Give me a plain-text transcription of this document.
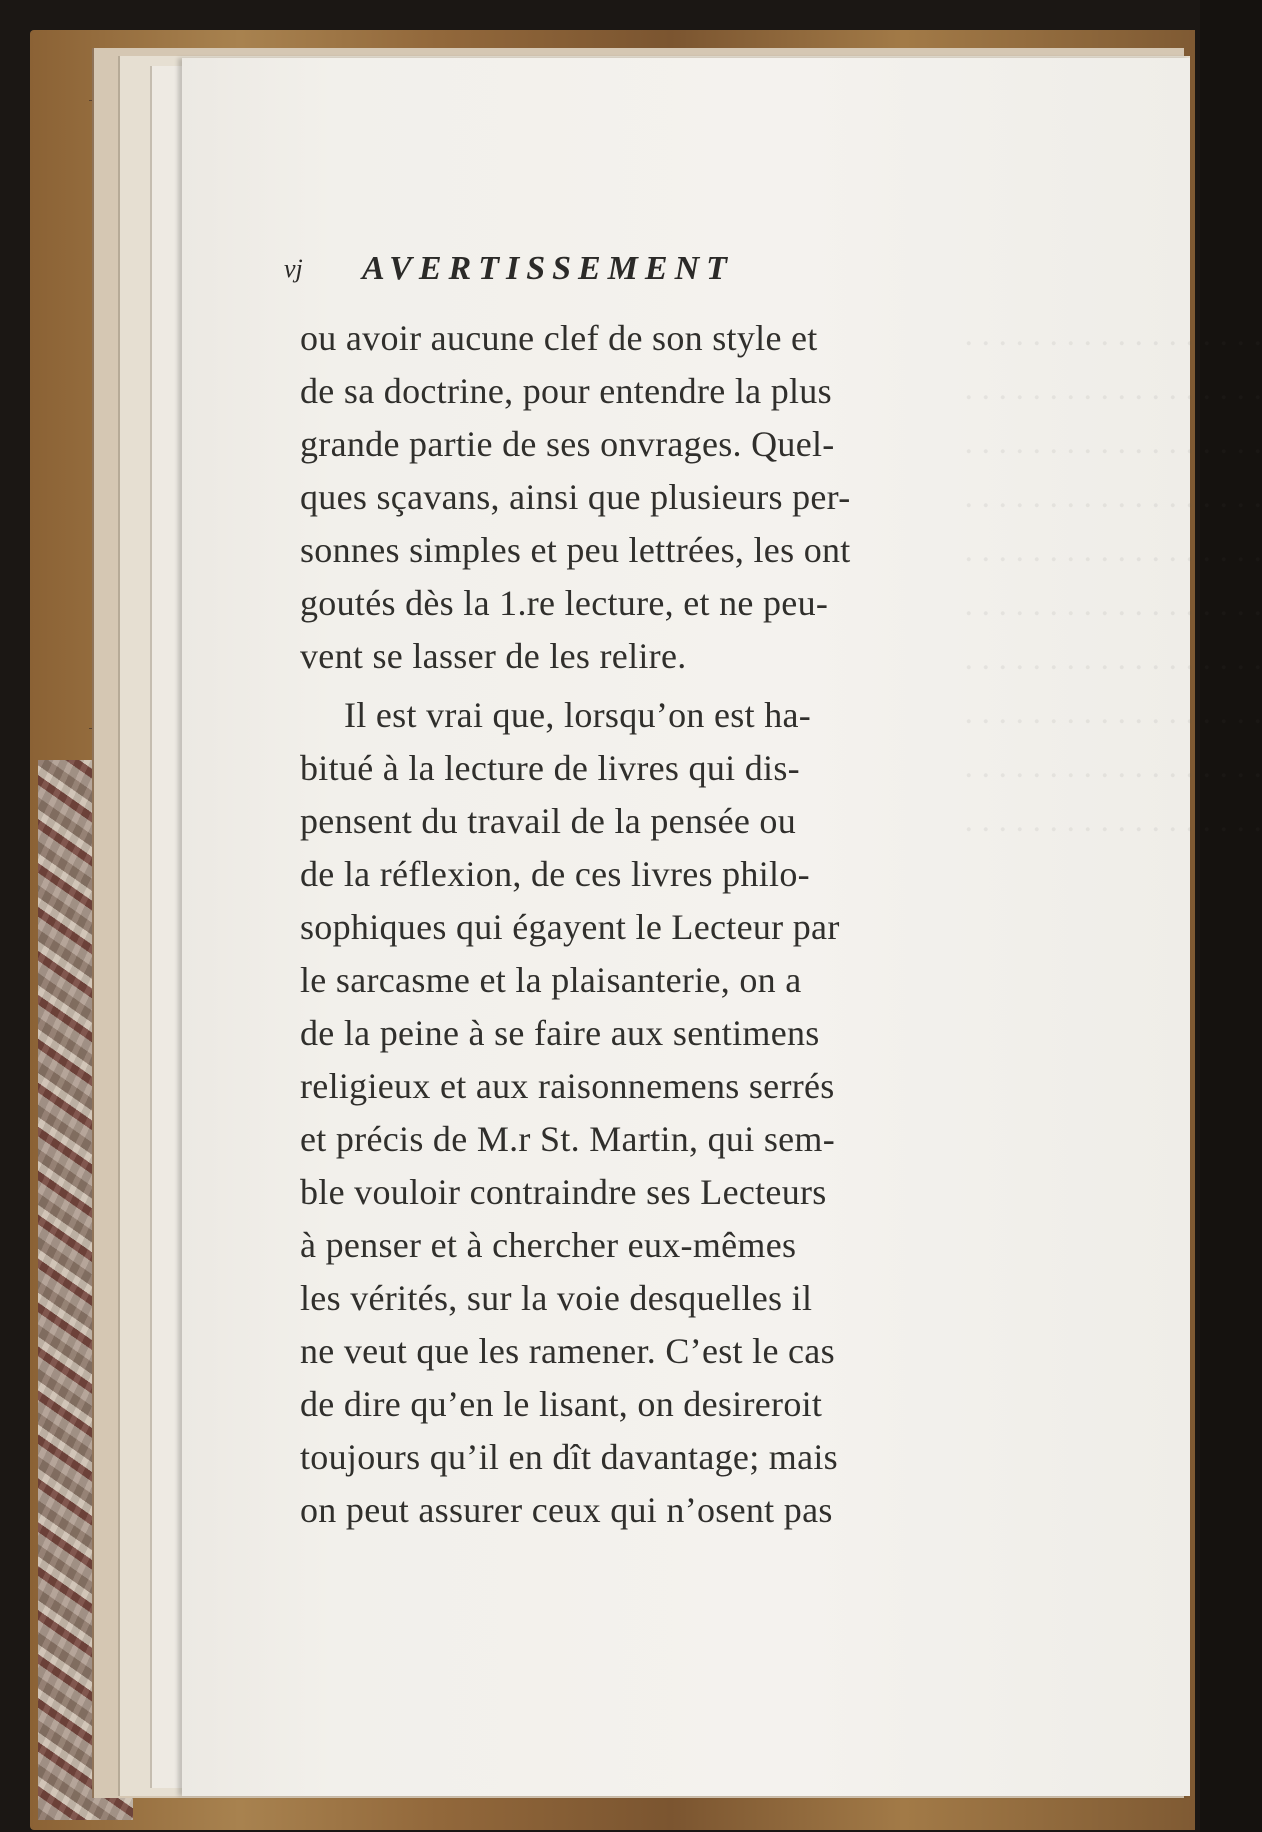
. . . . . . . . . . . . . . . . . .
. . . . . . . . . . . . . . . . . .
. . . . . . . . . . . . . . . . . .
. . . . . . . . . . . . . . . . . .
. . . . . . . . . . . . . . . . . .
. . . . . . . . . . . . . . . . . .
. . . . . . . . . . . . . . . . . .
. . . . . . . . . . . . . . . . . .
. . . . . . . . . . . . . . . . . .
. . . . . . . . . . . . . . . . . .
vj AVERTISSEMENT
ou avoir aucune clef de son style et
de sa doctrine, pour entendre la plus
grande partie de ses onvrages. Quel-
ques sçavans, ainsi que plusieurs per-
sonnes simples et peu lettrées, les ont
goutés dès la 1.re lecture, et ne peu-
vent se lasser de les relire.
Il est vrai que, lorsqu’on est ha-
bitué à la lecture de livres qui dis-
pensent du travail de la pensée ou
de la réflexion, de ces livres philo-
sophiques qui égayent le Lecteur par
le sarcasme et la plaisanterie, on a
de la peine à se faire aux sentimens
religieux et aux raisonnemens serrés
et précis de M.r St. Martin, qui sem-
ble vouloir contraindre ses Lecteurs
à penser et à chercher eux-mêmes
les vérités, sur la voie desquelles il
ne veut que les ramener. C’est le cas
de dire qu’en le lisant, on desireroit
toujours qu’il en dît davantage; mais
on peut assurer ceux qui n’osent pas
